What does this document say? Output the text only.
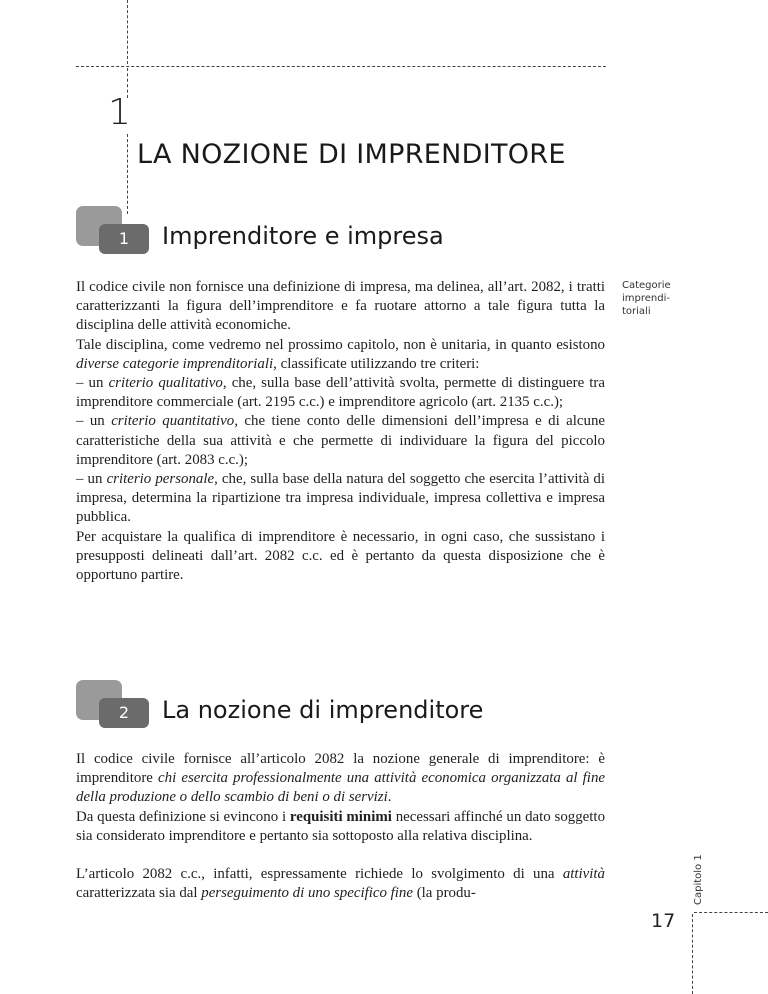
1
LA NOZIONE DI IMPRENDITORE
1	Imprenditore e impresa

Il codice civile non fornisce una definizione di impresa, ma delinea, all’art. 2082, i tratti caratterizzanti la figura dell’imprenditore e fa ruotare attorno a tale figura tutta la disciplina delle attività economiche.

Tale disciplina, come vedremo nel prossimo capitolo, non è unitaria, in quanto esistono diverse categorie imprenditoriali, classificate utilizzando tre criteri:

– un criterio qualitativo, che, sulla base dell’attività svolta, permette di distinguere tra imprenditore commerciale (art. 2195 c.c.) e imprenditore agricolo (art. 2135 c.c.);

– un criterio quantitativo, che tiene conto delle dimensioni dell’impresa e di alcune caratteristiche della sua attività e che permette di individuare la figura del piccolo imprenditore (art. 2083 c.c.);

– un criterio personale, che, sulla base della natura del soggetto che esercita l’attività di impresa, determina la ripartizione tra impresa individuale, impresa collettiva e impresa pubblica.

Per acquistare la qualifica di imprenditore è necessario, in ogni caso, che sussistano i presupposti delineati dall’art. 2082 c.c. ed è pertanto da questa disposizione che è opportuno partire.

Categorie imprendi-toriali
2	La nozione di imprenditore

Il codice civile fornisce all’articolo 2082 la nozione generale di imprenditore: è imprenditore chi esercita professionalmente una attività economica organizzata al fine della produzione o dello scambio di beni o di servizi.

Da questa definizione si evincono i requisiti minimi necessari affinché un dato soggetto sia considerato imprenditore e pertanto sia sottoposto alla relativa disciplina.

L’articolo 2082 c.c., infatti, espressamente richiede lo svolgimento di una attività caratterizzata sia dal perseguimento di uno specifico fine (la produ-	Capitolo 1
17
